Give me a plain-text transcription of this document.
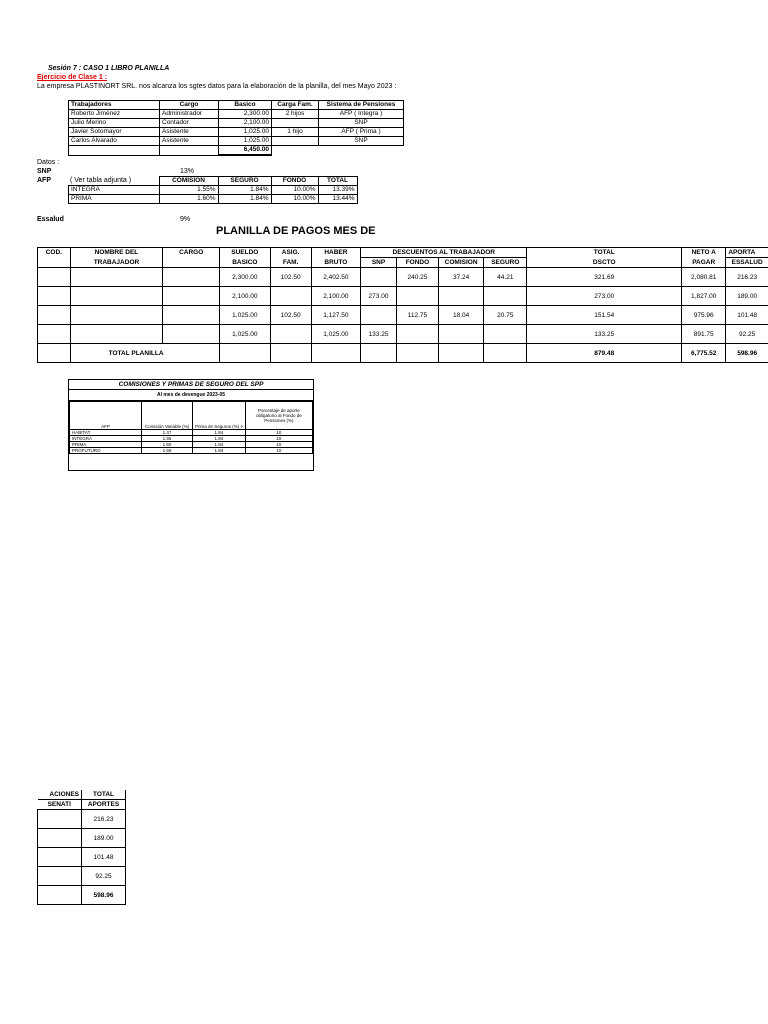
Sesión 7 : CASO 1 LIBRO PLANILLA
Ejercicio de Clase 1 :
La empresa PLASTINORT SRL. nos alcanza los sgtes datos para la elaboración de la planilla, del mes Mayo 2023 :
Trabajadores	Cargo	Basico	Carga Fam.	Sistema de Pensiones
Roberto Jiménez	Administrador	2,300.00	2 hijos	AFP ( Integra )
Julio Merino	Contador	2,100.00		SNP
Javier Sotomayor	Asistente	1,025.00	1 hijo	AFP ( Prima )
Carlos Alvarado	Asistente	1,025.00		SNP
		6,450.00		
Datos :
SNP	13%
AFP	( Ver tabla adjunta )
		COMISION	SEGURO	FONDO	TOTAL
INTEGRA	1.55%	1.84%	10.00%	13.39%
PRIMA	1.60%	1.84%	10.00%	13.44%
Essalud	9%
PLANILLA DE PAGOS MES DE
COD.	NOMBRE DEL	CARGO	SUELDO	ASIG.	HABER	DESCUENTOS AL TRABAJADOR				TOTAL	NETO A	APORTA
	TRABAJADOR		BASICO	FAM.	BRUTO	SNP	FONDO	COMISION	SEGURO	DSCTO	PAGAR	ESSALUD
			2,300.00	102.50	2,402.50		240.25	37.24	44.21	321.69	2,080.81	216.23
			2,100.00		2,100.00	273.00				273.00	1,827.00	189.00
			1,025.00	102.50	1,127.50		112.75	18.04	20.75	151.54	975.96	101.48
			1,025.00		1,025.00	133.25				133.25	891.75	92.25
	TOTAL PLANILLA									879.48	6,775.52	598.96
COMISIONES Y PRIMAS DE SEGURO DEL SPP
Al mes de devengue 2023-05
AFP	Comisión Variable (%)	Prima de Seguros (%) ¹⁄	Porcentaje de aporte obligatorio al Fondo de Pensiones (%)
HABITAT	1.47	1.84	10
INTEGRA	1.55	1.84	10
PRIMA	1.60	1.84	10
PROFUTURO	1.69	1.84	10
ACIONES	TOTAL
SENATI	APORTES
	216.23
	189.00
	101.48
	92.25
	598.96
